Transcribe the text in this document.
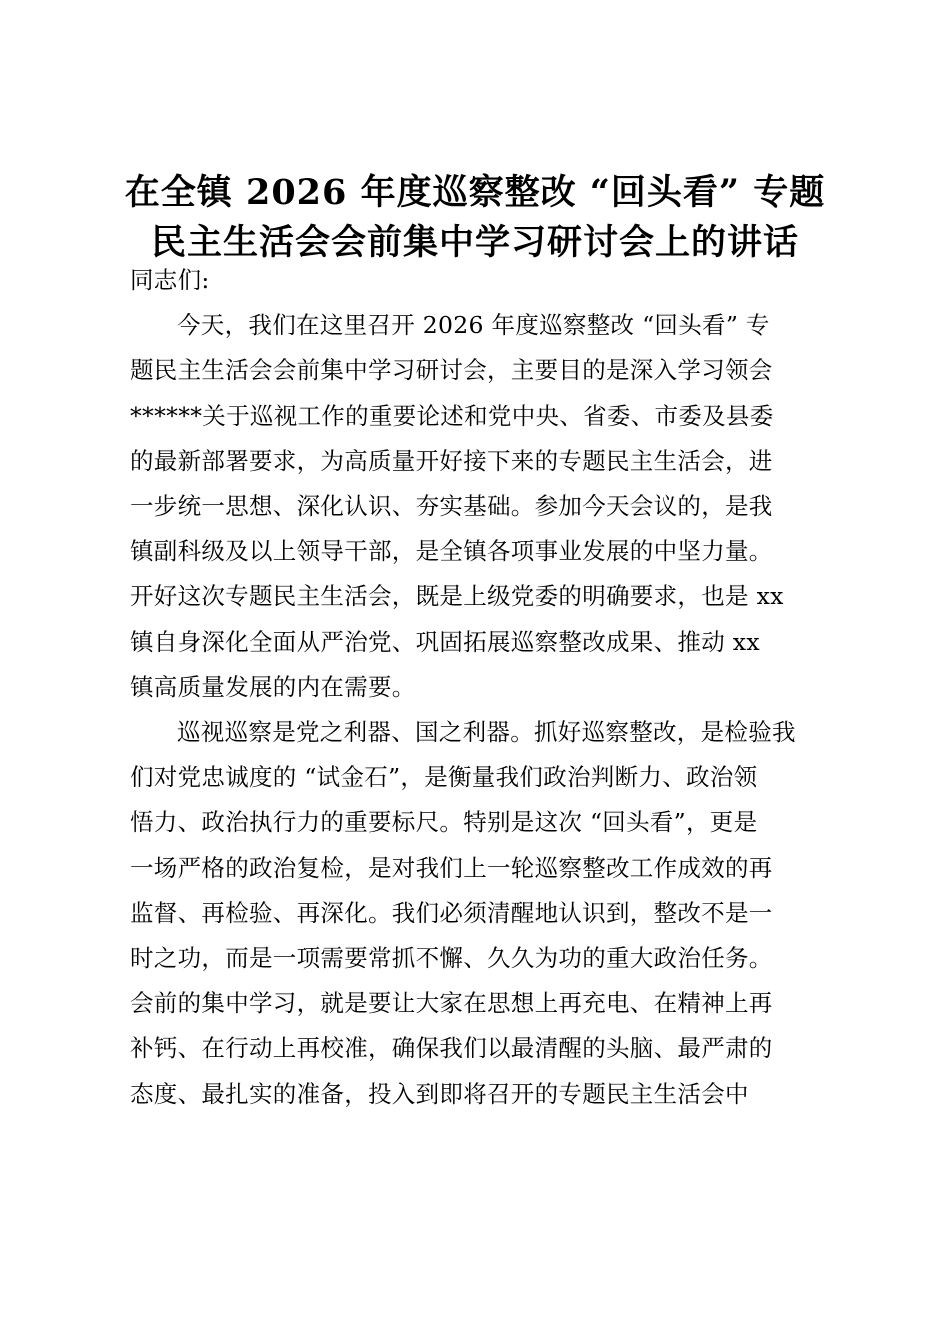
在全镇 2026 年度巡察整改 “回头看” 专题
民主生活会会前集中学习研讨会上的讲话

同志们:

今天，我们在这里召开 2026 年度巡察整改 “回头看” 专
题民主生活会会前集中学习研讨会，主要目的是深入学习领会
******关于巡视工作的重要论述和党中央、省委、市委及县委
的最新部署要求，为高质量开好接下来的专题民主生活会，进
一步统一思想、深化认识、夯实基础。参加今天会议的，是我
镇副科级及以上领导干部，是全镇各项事业发展的中坚力量。
开好这次专题民主生活会，既是上级党委的明确要求，也是 xx
镇自身深化全面从严治党、巩固拓展巡察整改成果、推动 xx
镇高质量发展的内在需要。

巡视巡察是党之利器、国之利器。抓好巡察整改，是检验我
们对党忠诚度的 “试金石”，是衡量我们政治判断力、政治领
悟力、政治执行力的重要标尺。特别是这次 “回头看”，更是
一场严格的政治复检，是对我们上一轮巡察整改工作成效的再
监督、再检验、再深化。我们必须清醒地认识到，整改不是一
时之功，而是一项需要常抓不懈、久久为功的重大政治任务。
会前的集中学习，就是要让大家在思想上再充电、在精神上再
补钙、在行动上再校准，确保我们以最清醒的头脑、最严肃的
态度、最扎实的准备，投入到即将召开的专题民主生活会中
